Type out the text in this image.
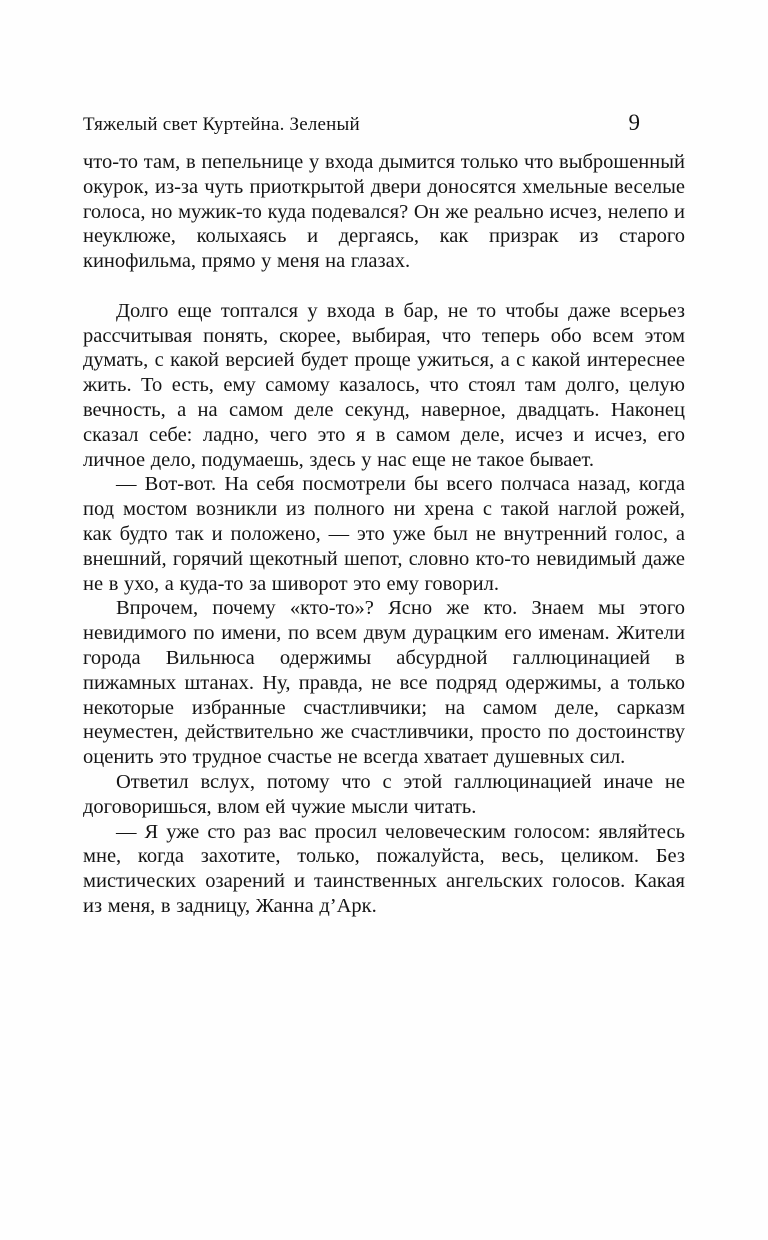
Тяжелый свет Куртейна. Зеленый	9

что-то там, в пепельнице у входа дымится только что выброшенный окурок, из-за чуть приоткрытой двери доносятся хмельные веселые голоса, но мужик-то куда подевался? Он же реально исчез, нелепо и неуклюже, колыхаясь и дергаясь, как призрак из старого кинофильма, прямо у меня на глазах.

Долго еще топтался у входа в бар, не то чтобы даже всерьез рассчитывая понять, скорее, выбирая, что теперь обо всем этом думать, с какой версией будет проще ужиться, а с какой интереснее жить. То есть, ему самому казалось, что стоял там долго, целую вечность, а на самом деле секунд, наверное, двадцать. Наконец сказал себе: ладно, чего это я в самом деле, исчез и исчез, его личное дело, подумаешь, здесь у нас еще не такое бывает.

— Вот-вот. На себя посмотрели бы всего полчаса назад, когда под мостом возникли из полного ни хрена с такой наглой рожей, как будто так и положено, — это уже был не внутренний голос, а внешний, горячий щекотный шепот, словно кто-то невидимый даже не в ухо, а куда-то за шиворот это ему говорил.

Впрочем, почему «кто-то»? Ясно же кто. Знаем мы этого невидимого по имени, по всем двум дурацким его именам. Жители города Вильнюса одержимы абсурдной галлюцинацией в пижамных штанах. Ну, правда, не все подряд одержимы, а только некоторые избранные счастливчики; на самом деле, сарказм неуместен, действительно же счастливчики, просто по достоинству оценить это трудное счастье не всегда хватает душевных сил.

Ответил вслух, потому что с этой галлюцинацией иначе не договоришься, влом ей чужие мысли читать.

— Я уже сто раз вас просил человеческим голосом: являйтесь мне, когда захотите, только, пожалуйста, весь, целиком. Без мистических озарений и таинственных ангельских голосов. Какая из меня, в задницу, Жанна д’Арк.
